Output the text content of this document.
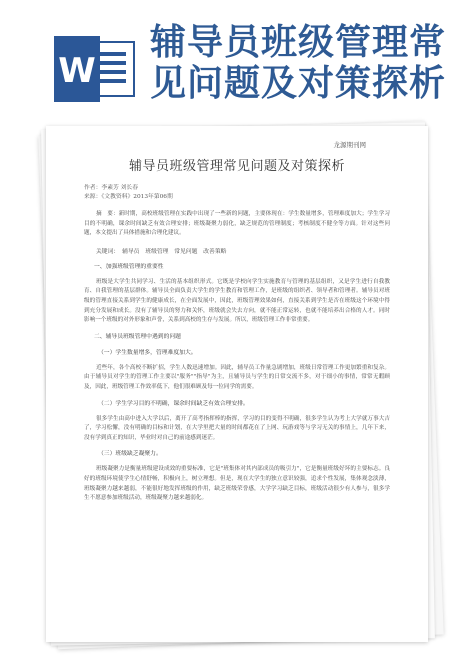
W
辅导员班级管理常
见问题及对策探析
龙源期刊网
辅导员班级管理常见问题及对策探析
作者：李素芳 刘长春
来源：《文教资料》2013年第06期
摘　要：新时期，高校班级管理在实践中出现了一些新的问题，主要体现在：学生数量增多，管理难度加大；学生学习目的不明确，课余时间缺乏有效合理安排；班级凝聚力弱化，缺乏规范的管理制度；考核制度不健全等方面。针对这些问题，本文提出了具体措施和合理化建议。
关键词：　辅导员　班级管理　常见问题　改善策略
一、加强班级管理的重要性
班级是大学生共同学习、生活的基本组织形式。它既是学校向学生实施教育与管理的基层组织，又是学生进行自我教育、自我管理的基层群体。辅导员全面负责大学生的学生教育和管理工作，是班级的组织者、领导者和管理者。辅导员对班级的管理直接关系到学生的健康成长，在全面发展中，因此，班级管理效果如何，直接关系到学生是否在班级这个环境中得到充分发展和成长。没有了辅导员的努力和关怀，班级就会失去方向，就不能正常运转，也就不能培养出合格的人才。同时影响一个班级的对外形象和声誉，关系到高校的生存与发展。所以，班级管理工作非常重要。
二、辅导员班级管理中遇到的问题
（一）学生数量增多，管理难度加大。
近些年，各个高校不断扩招，学生人数迅速增加。因此，辅导员工作量急剧增加，班级日常管理工作更加繁重和复杂。由于辅导员对学生的管理工作主要以"服务""指导"为主，且辅导员与学生的日常交流不多，对于细小的事情，常常无暇顾及，因此，班级管理工作效率低下，他们很难顾及每一位同学的需要。
（二）学生学习目的不明确，课余时间缺乏有效合理安排。
很多学生由高中进入大学以后，离开了高考指挥棒的指挥，学习的目的变得不明确，很多学生认为考上大学就万事大吉了，学习松懈，没有明确的目标和计划，在大学里把大量的时间都花在了上网、玩游戏等与学习无关的事情上，几年下来，没有学到真正的知识，毕业时对自己的前途感到迷茫。
（三）班级缺乏凝聚力。
班级凝聚力是衡量班级建设成效的重要标准，它是"班集体对其内部成员的吸引力"，它是衡量班级好坏的主要标志。良好的班级环境使学生心情舒畅，积极向上，树立理想。但是，现在大学生的独立意识较强，追求个性发展，集体观念淡薄，班级凝聚力越来越弱，不能很好地发挥班级的作用，缺乏班级荣誉感，大学学习缺乏目标，班级活动很少有人参与，很多学生不愿意参加班级活动，班级凝聚力越来越弱化。
